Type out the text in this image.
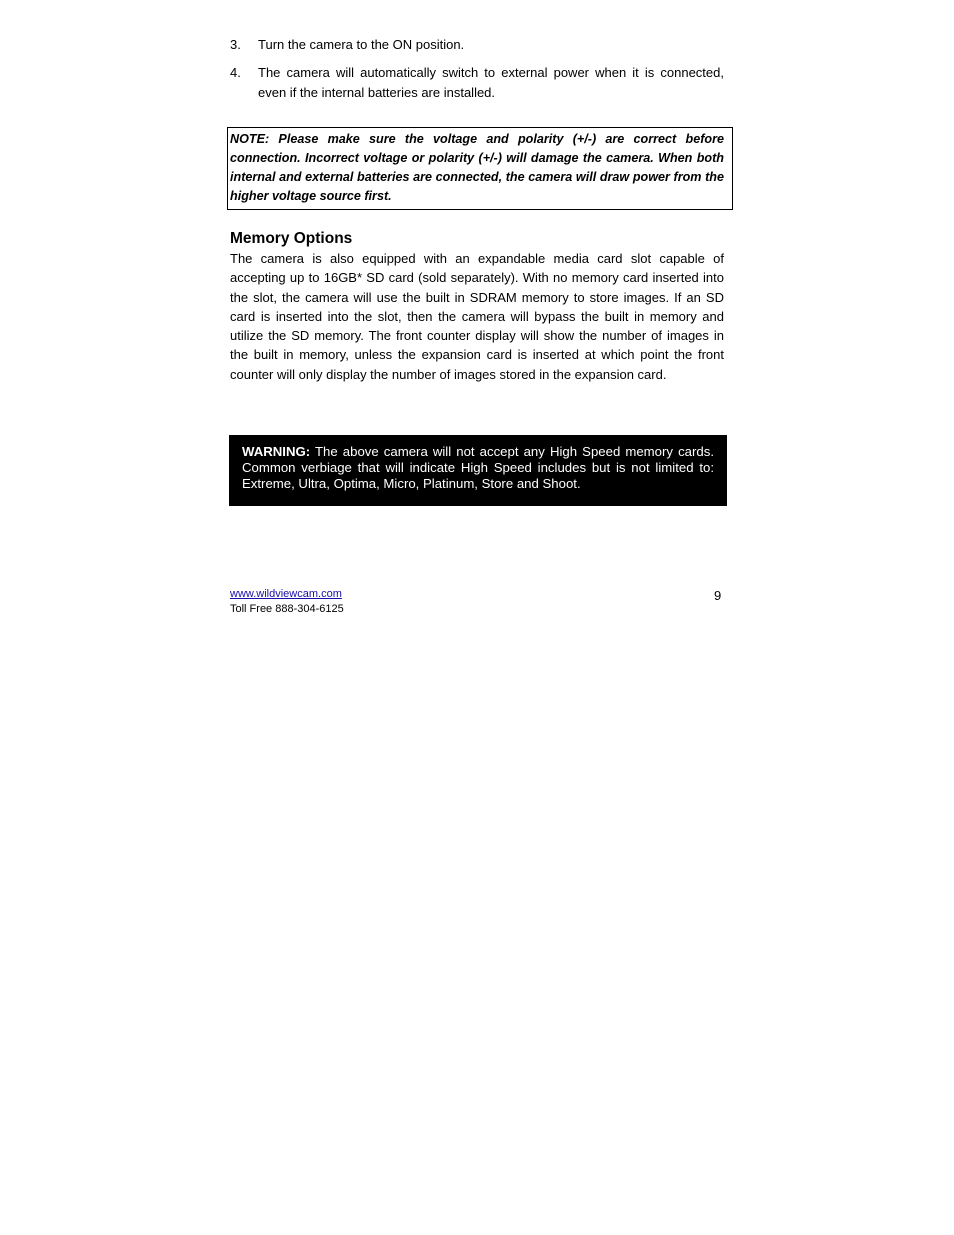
3. Turn the camera to the ON position.
4. The camera will automatically switch to external power when it is connected, even if the internal batteries are installed.
NOTE: Please make sure the voltage and polarity (+/-) are correct before connection. Incorrect voltage or polarity (+/-) will damage the camera. When both internal and external batteries are connected, the camera will draw power from the higher voltage source first.
Memory Options

The camera is also equipped with an expandable media card slot capable of accepting up to 16GB* SD card (sold separately). With no memory card inserted into the slot, the camera will use the built in SDRAM memory to store images. If an SD card is inserted into the slot, then the camera will bypass the built in memory and utilize the SD memory. The front counter display will show the number of images in the built in memory, unless the expansion card is inserted at which point the front counter will only display the number of images stored in the expansion card.

WARNING: The above camera will not accept any High Speed memory cards. Common verbiage that will indicate High Speed includes but is not limited to: Extreme, Ultra, Optima, Micro, Platinum, Store and Shoot.
www.wildviewcam.com
Toll Free 888-304-6125
9
